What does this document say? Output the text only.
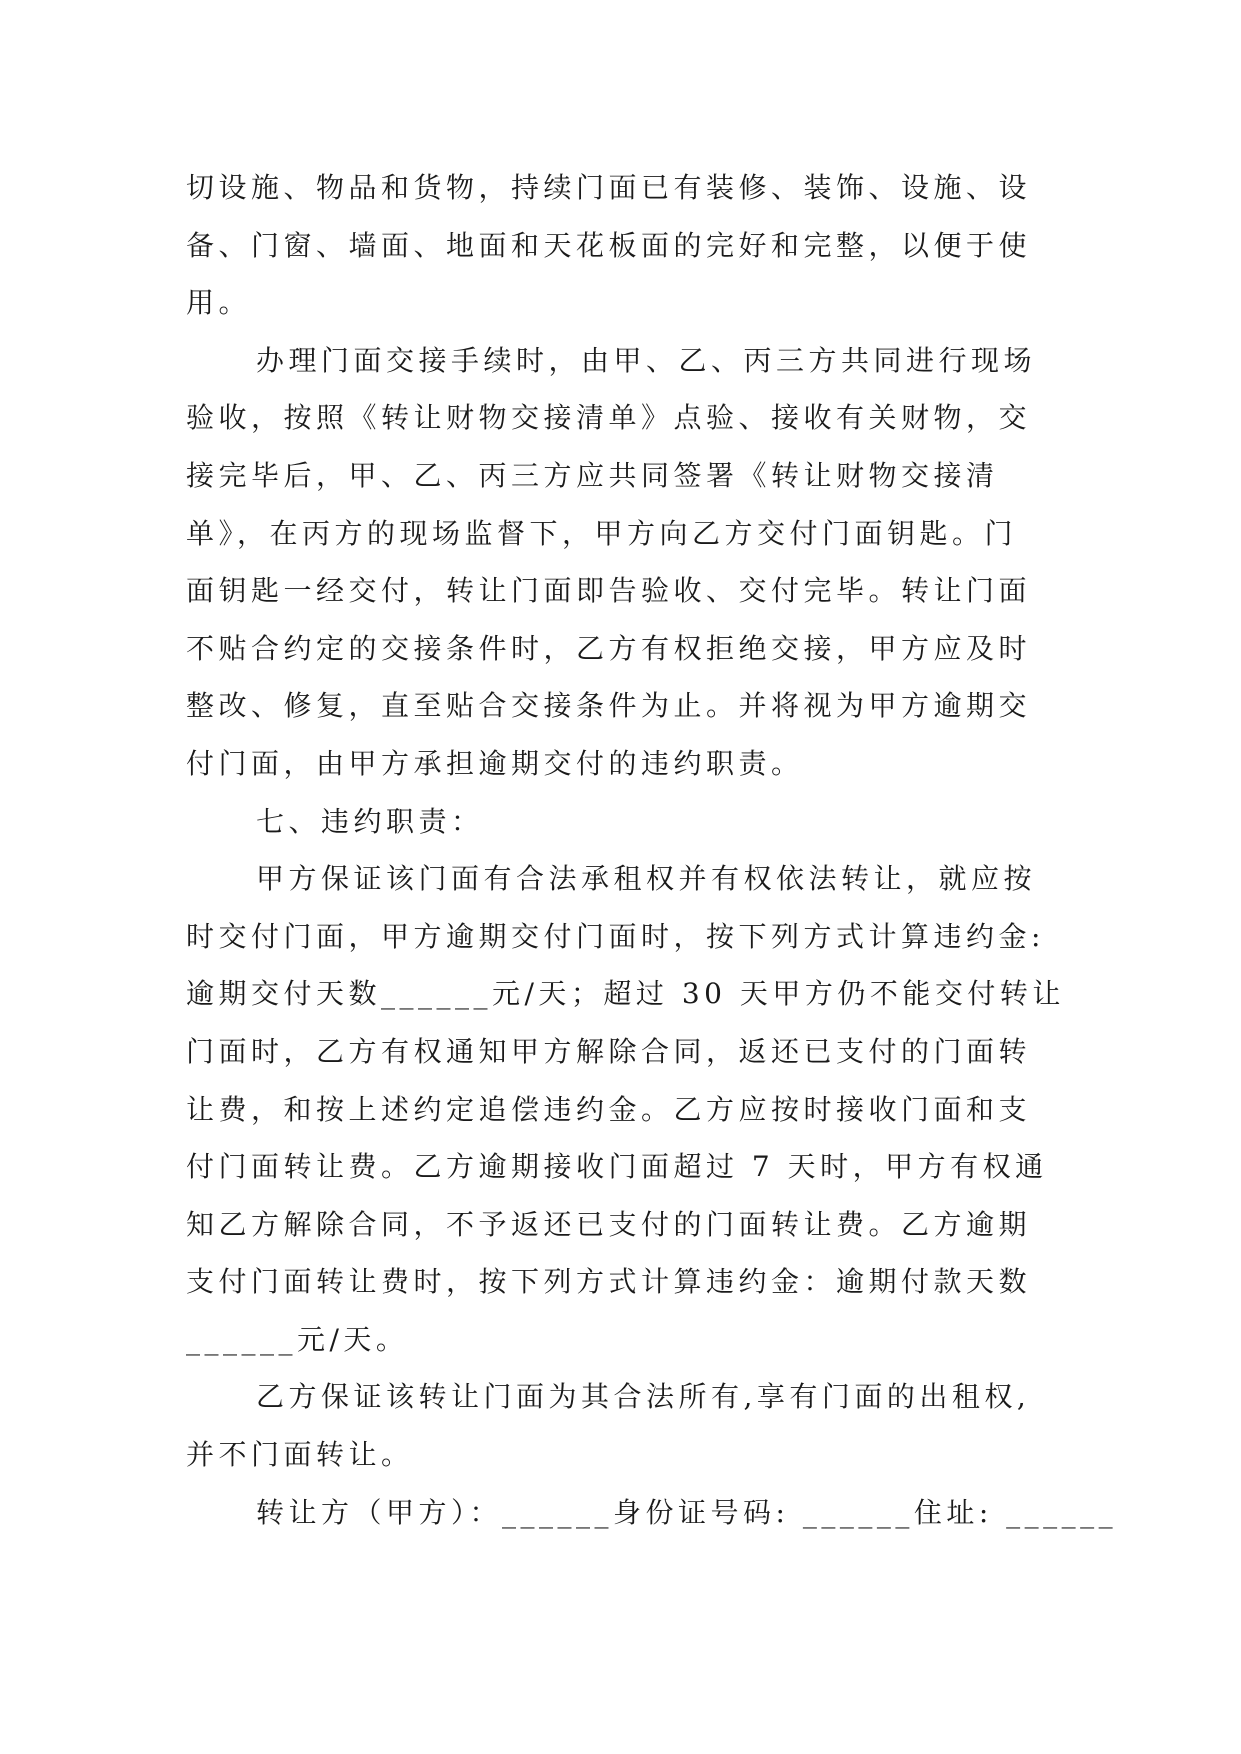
切设施、物品和货物，持续门面已有装修、装饰、设施、设
备、门窗、墙面、地面和天花板面的完好和完整，以便于使
用。
办理门面交接手续时，由甲、乙、丙三方共同进行现场
验收，按照《转让财物交接清单》点验、接收有关财物，交
接完毕后，甲、乙、丙三方应共同签署《转让财物交接清
单》，在丙方的现场监督下，甲方向乙方交付门面钥匙。门
面钥匙一经交付，转让门面即告验收、交付完毕。转让门面
不贴合约定的交接条件时，乙方有权拒绝交接，甲方应及时
整改、修复，直至贴合交接条件为止。并将视为甲方逾期交
付门面，由甲方承担逾期交付的违约职责。
七、违约职责：
甲方保证该门面有合法承租权并有权依法转让，就应按
时交付门面，甲方逾期交付门面时，按下列方式计算违约金:
逾期交付天数______元/天；超过 30 天甲方仍不能交付转让
门面时，乙方有权通知甲方解除合同，返还已支付的门面转
让费，和按上述约定追偿违约金。乙方应按时接收门面和支
付门面转让费。乙方逾期接收门面超过 7 天时，甲方有权通
知乙方解除合同，不予返还已支付的门面转让费。乙方逾期
支付门面转让费时，按下列方式计算违约金：逾期付款天数
______元/天。
乙方保证该转让门面为其合法所有,享有门面的出租权,
并不门面转让。
转让方（甲方）：______身份证号码: ______住址: ______
